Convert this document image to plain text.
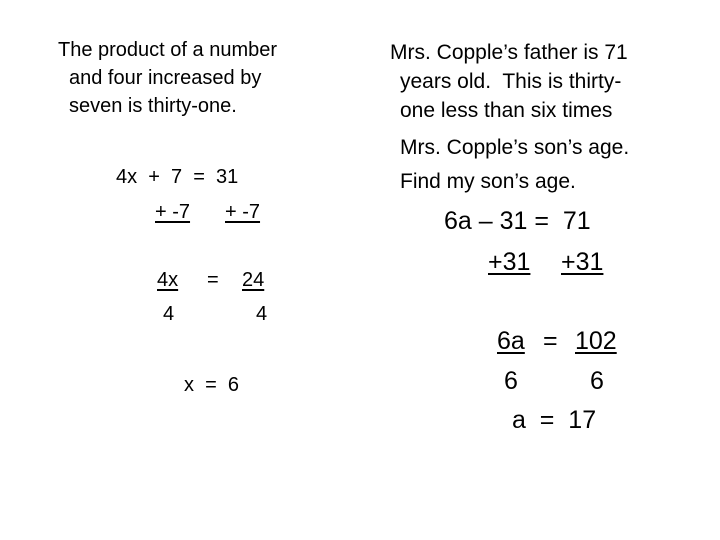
The product of a number
and four increased by
seven is thirty-one.
4x  +  7  =  31
+ -7 + -7
4x = 24
4	4
x  =  6
Mrs. Copple’s father is 71
years old.  This is thirty-
one less than six times
Mrs. Copple’s son’s age.
Find my son’s age.
6a – 31 =  71
+31 +31
6a = 102
6	6
a  =  17
